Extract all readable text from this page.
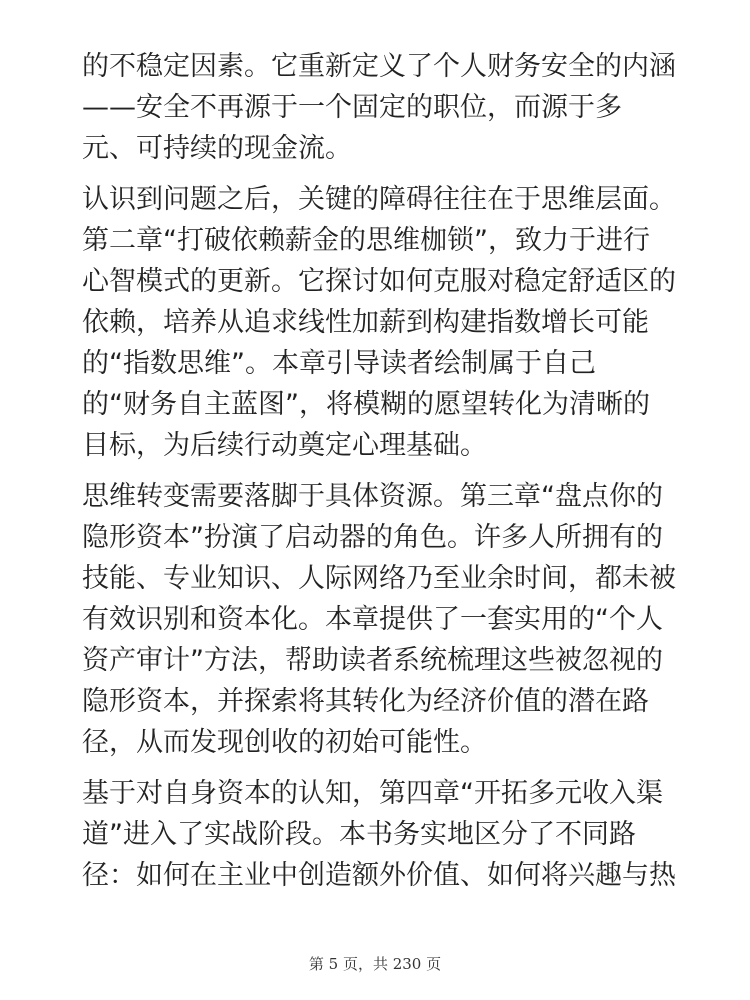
的不稳定因素。它重新定义了个人财务安全的内涵
——安全不再源于一个固定的职位，而源于多
元、可持续的现金流。

认识到问题之后，关键的障碍往往在于思维层面。
第二章“打破依赖薪金的思维枷锁”，致力于进行
心智模式的更新。它探讨如何克服对稳定舒适区的
依赖，培养从追求线性加薪到构建指数增长可能
的“指数思维”。本章引导读者绘制属于自己
的“财务自主蓝图”，将模糊的愿望转化为清晰的
目标，为后续行动奠定心理基础。

思维转变需要落脚于具体资源。第三章“盘点你的
隐形资本”扮演了启动器的角色。许多人所拥有的
技能、专业知识、人际网络乃至业余时间，都未被
有效识别和资本化。本章提供了一套实用的“个人
资产审计”方法，帮助读者系统梳理这些被忽视的
隐形资本，并探索将其转化为经济价值的潜在路
径，从而发现创收的初始可能性。

基于对自身资本的认知，第四章“开拓多元收入渠
道”进入了实战阶段。本书务实地区分了不同路
径：如何在主业中创造额外价值、如何将兴趣与热

第 5 页，共 230 页
